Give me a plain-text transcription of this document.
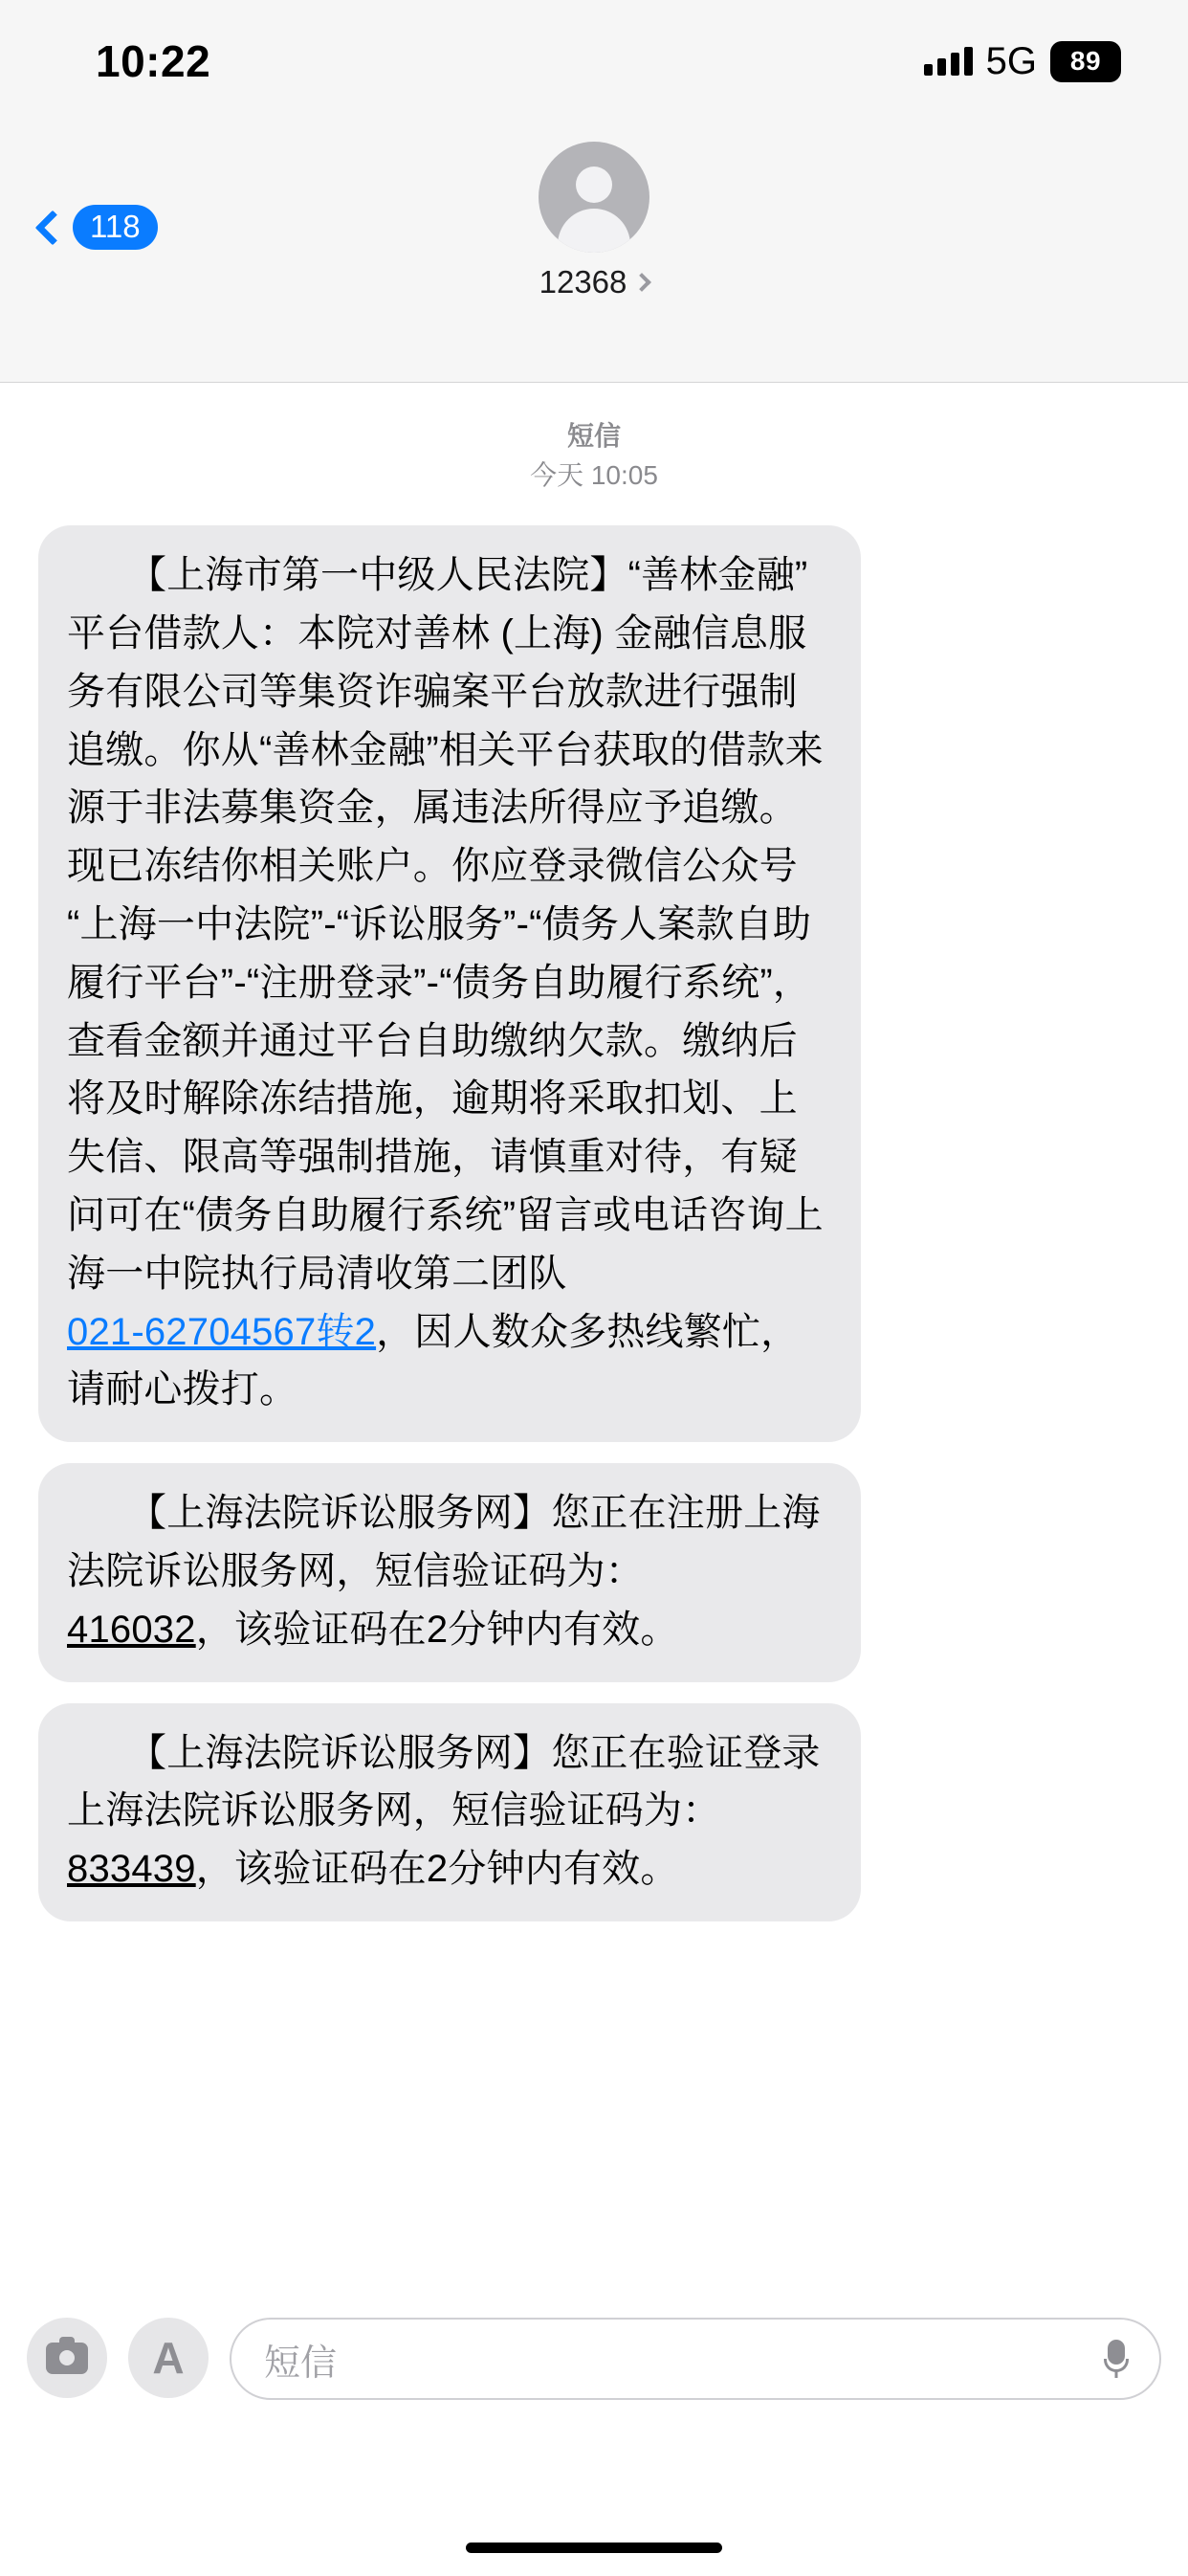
10:22	5G	89
118
12368
短信
今天 10:05
【上海市第一中级人民法院】“善林金融”平台借款人：本院对善林 (上海) 金融信息服务有限公司等集资诈骗案平台放款进行强制追缴。你从“善林金融”相关平台获取的借款来源于非法募集资金，属违法所得应予追缴。现已冻结你相关账户。你应登录微信公众号“上海一中法院”-“诉讼服务”-“债务人案款自助履行平台”-“注册登录”-“债务自助履行系统”，查看金额并通过平台自助缴纳欠款。缴纳后将及时解除冻结措施，逾期将采取扣划、上失信、限高等强制措施，请慎重对待，有疑问可在“债务自助履行系统”留言或电话咨询上海一中院执行局清收第二团队
021-62704567转2，因人数众多热线繁忙，请耐心拨打。
【上海法院诉讼服务网】您正在注册上海法院诉讼服务网，短信验证码为：
416032，该验证码在2分钟内有效。
【上海法院诉讼服务网】您正在验证登录上海法院诉讼服务网，短信验证码为：
833439，该验证码在2分钟内有效。
A 短信
